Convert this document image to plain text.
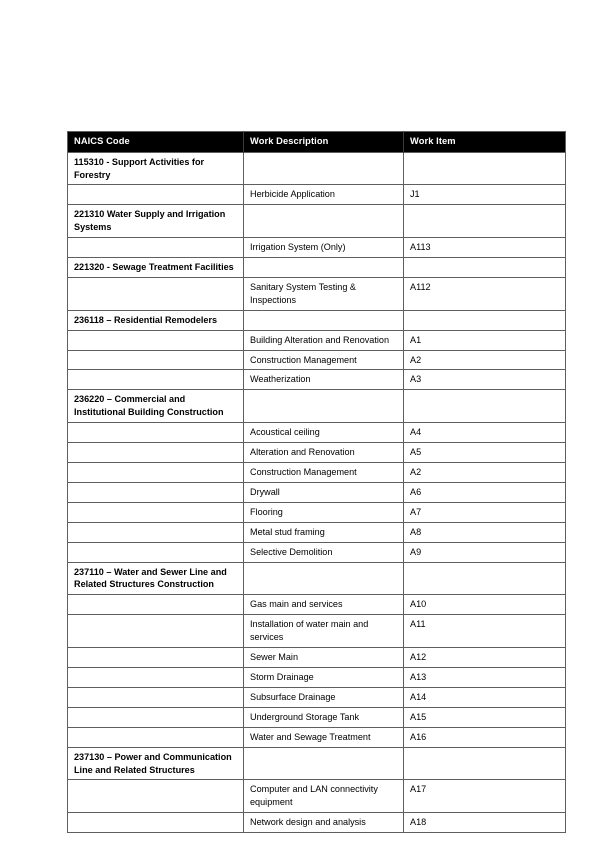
NAICS Code	Work Description	Work Item
115310 - Support Activities for Forestry		
	Herbicide Application	J1
221310 Water Supply and Irrigation Systems		
	Irrigation System (Only)	A113
221320 - Sewage Treatment Facilities		
	Sanitary System Testing & Inspections	A112
236118 – Residential Remodelers		
	Building Alteration and Renovation	A1
	Construction Management	A2
	Weatherization	A3
236220 – Commercial and Institutional Building Construction		
	Acoustical ceiling	A4
	Alteration and Renovation	A5
	Construction Management	A2
	Drywall	A6
	Flooring	A7
	Metal stud framing	A8
	Selective Demolition	A9
237110 – Water and Sewer Line and Related Structures Construction		
	Gas main and services	A10
	Installation of water main and services	A11
	Sewer Main	A12
	Storm Drainage	A13
	Subsurface Drainage	A14
	Underground Storage Tank	A15
	Water and Sewage Treatment	A16
237130 – Power and Communication Line and Related Structures		
	Computer and LAN connectivity equipment	A17
	Network design and analysis	A18
